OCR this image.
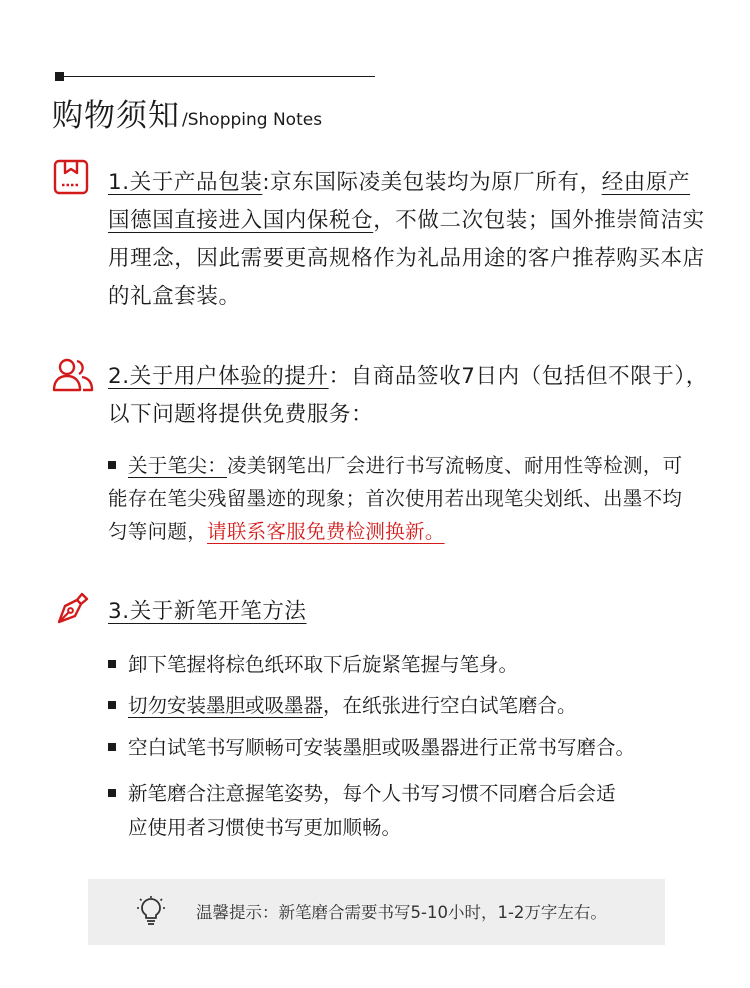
购物须知 /Shopping Notes
1.关于产品包装:京东国际凌美包装均为原厂所有，经由原产国德国直接进入国内保税仓，不做二次包装；国外推崇简洁实用理念，因此需要更高规格作为礼品用途的客户推荐购买本店的礼盒套装。
2.关于用户体验的提升：自商品签收7日内（包括但不限于），以下问题将提供免费服务：
关于笔尖：凌美钢笔出厂会进行书写流畅度、耐用性等检测，可能存在笔尖残留墨迹的现象；首次使用若出现笔尖划纸、出墨不均匀等问题，请联系客服免费检测换新。
3.关于新笔开笔方法
卸下笔握将棕色纸环取下后旋紧笔握与笔身。
切勿安装墨胆或吸墨器，在纸张进行空白试笔磨合。
空白试笔书写顺畅可安装墨胆或吸墨器进行正常书写磨合。
新笔磨合注意握笔姿势，每个人书写习惯不同磨合后会适
应使用者习惯使书写更加顺畅。
温馨提示：新笔磨合需要书写5-10小时，1-2万字左右。
